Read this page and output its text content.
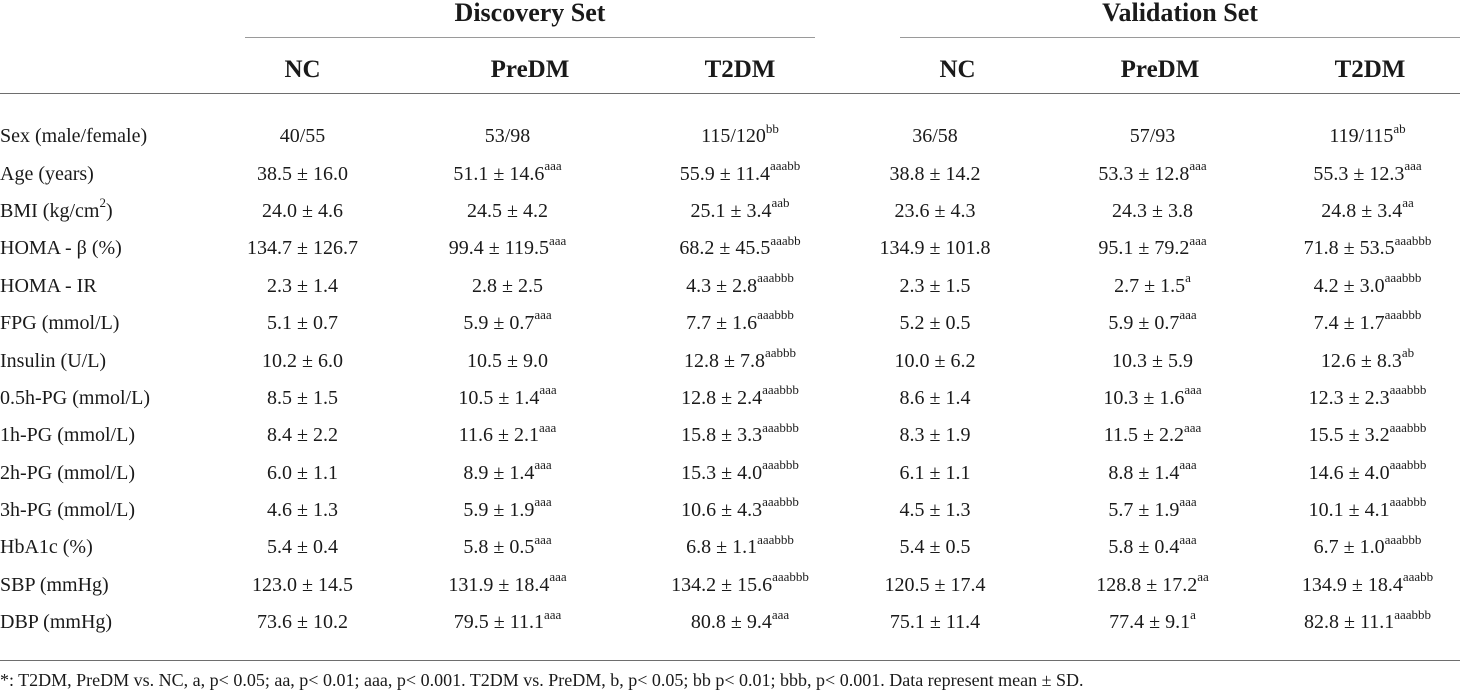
Discovery Set	Validation Set
NC	PreDM	T2DM	NC	PreDM	T2DM
Sex (male/female)	40/55	53/98	$115/120^{bb}$	36/58	57/93	$119/115^{ab}$
Age (years)	38.5 ± 16.0	51.1 ± 14.6$^{aaa}$	$55.9 \pm 11.4^{aaabb}$	38.8 ± 14.2	53.3 ± 12.8$^{aaa}$	55.3 ± 12.3$^{aaa}$
BMI $(kg/cm^2)$	24.0 ± 4.6	24.5 ± 4.2	25.1 ± 3.4$^{aab}$	23.6 ± 4.3	24.3 ± 3.8	24.8 ± 3.4$^{aa}$
HOMA - β (%)	134.7 ± 126.7	99.4 ± 119.5$^{aaa}$	$68.2 \pm 45.5^{aaabb}$	134.9 ± 101.8	95.1 ± 79.2$^{aaa}$	$71.8 \pm 53.5^{aaabbb}$
HOMA - IR	2.3 ± 1.4	2.8 ± 2.5	$4.3 \pm 2.8^{aaabbb}$	2.3 ± 1.5	2.7 ± 1.5$^a$	$4.2 \pm 3.0^{aaabbb}$
FPG (mmol/L)	5.1 ± 0.7	5.9 ± 0.7$^{aaa}$	$7.7 \pm 1.6^{aaabbb}$	5.2 ± 0.5	5.9 ± 0.7$^{aaa}$	$7.4 \pm 1.7^{aaabbb}$
Insulin (U/L)	10.2 ± 6.0	10.5 ± 9.0	$12.8 \pm 7.8^{aabbb}$	10.0 ± 6.2	10.3 ± 5.9	12.6 ± 8.3$^{ab}$
0.5h-PG (mmol/L)	8.5 ± 1.5	10.5 ± 1.4$^{aaa}$	$12.8 \pm 2.4^{aaabbb}$	8.6 ± 1.4	10.3 ± 1.6$^{aaa}$	$12.3 \pm 2.3^{aaabbb}$
1h-PG (mmol/L)	8.4 ± 2.2	11.6 ± 2.1$^{aaa}$	$15.8 \pm 3.3^{aaabbb}$	8.3 ± 1.9	11.5 ± 2.2$^{aaa}$	$15.5 \pm 3.2^{aaabbb}$
2h-PG (mmol/L)	6.0 ± 1.1	8.9 ± 1.4$^{aaa}$	$15.3 \pm 4.0^{aaabbb}$	6.1 ± 1.1	8.8 ± 1.4$^{aaa}$	$14.6 \pm 4.0^{aaabbb}$
3h-PG (mmol/L)	4.6 ± 1.3	5.9 ± 1.9$^{aaa}$	$10.6 \pm 4.3^{aaabbb}$	4.5 ± 1.3	5.7 ± 1.9$^{aaa}$	$10.1 \pm 4.1^{aaabbb}$
HbA1c (%)	5.4 ± 0.4	5.8 ± 0.5$^{aaa}$	$6.8 \pm 1.1^{aaabbb}$	5.4 ± 0.5	5.8 ± 0.4$^{aaa}$	$6.7 \pm 1.0^{aaabbb}$
SBP (mmHg)	123.0 ± 14.5	131.9 ± 18.4$^{aaa}$	$134.2 \pm 15.6^{aaabbb}$	120.5 ± 17.4	128.8 ± 17.2$^{aa}$	$134.9 \pm 18.4^{aaabb}$
DBP (mmHg)	73.6 ± 10.2	79.5 ± 11.1$^{aaa}$	80.8 ± 9.4$^{aaa}$	75.1 ± 11.4	77.4 ± 9.1$^a$	$82.8 \pm 11.1^{aaabbb}$
*: T2DM, PreDM vs. NC, a, p< 0.05; aa, p< 0.01; aaa, p< 0.001. T2DM vs. PreDM, b, p< 0.05; bb p< 0.01; bbb, p< 0.001. Data represent mean ± SD.
